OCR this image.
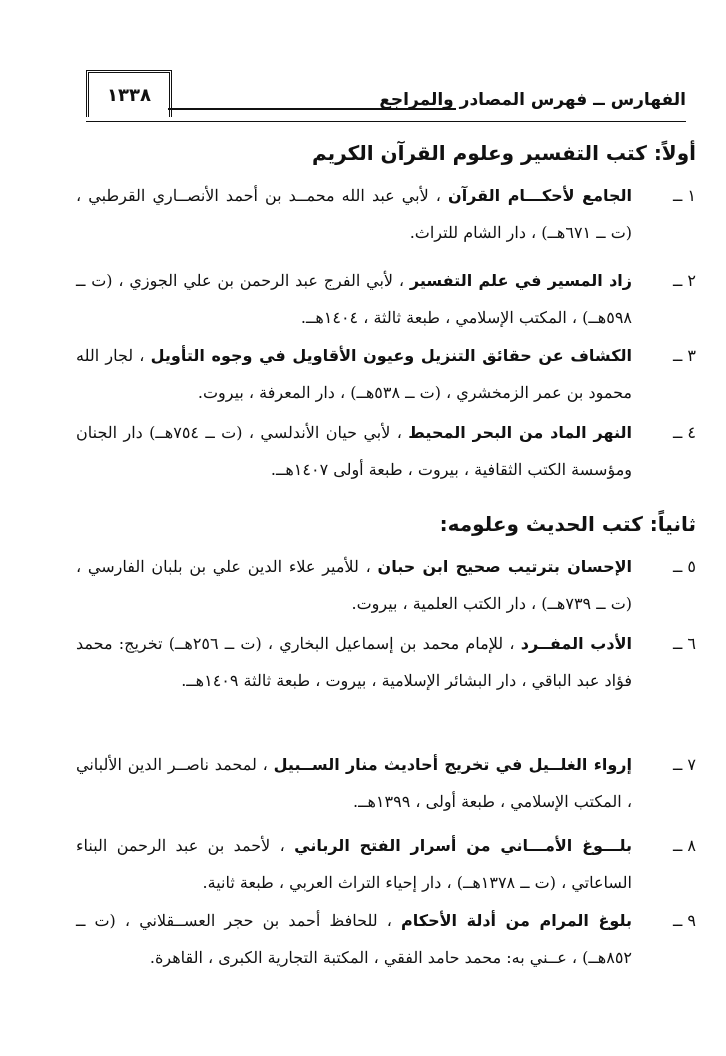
١٣٣٨	الفهارس ــ فهرس المصادر والمراجع
أولاً: كتب التفسير وعلوم القرآن الكريم
١ ــ
الجامع لأحكـــام القرآن ، لأبي عبد الله محمــد بن أحمد الأنصــاري القرطبي ، (ت ــ ٦٧١هــ) ، دار الشام للتراث.
٢ ــ
زاد المسير في علم التفسير ، لأبي الفرج عبد الرحمن بن علي الجوزي ، (ت ــ ٥٩٨هــ) ، المكتب الإسلامي ، طبعة ثالثة ، ١٤٠٤هــ.
٣ ــ
الكشاف عن حقائق التنزيل وعيون الأقاويل في وجوه التأويل ، لجار الله محمود بن عمر الزمخشري ، (ت ــ ٥٣٨هــ) ، دار المعرفة ، بيروت.
٤ ــ
النهر الماد من البحر المحيط ، لأبي حيان الأندلسي ، (ت ــ ٧٥٤هــ) دار الجنان ومؤسسة الكتب الثقافية ، بيروت ، طبعة أولى ١٤٠٧هــ.
ثانياً: كتب الحديث وعلومه:
٥ ــ
الإحسان بترتيب صحيح ابن حبان ، للأمير علاء الدين علي بن بلبان الفارسي ، (ت ــ ٧٣٩هــ) ، دار الكتب العلمية ، بيروت.
٦ ــ
الأدب المفــرد ، للإمام محمد بن إسماعيل البخاري ، (ت ــ ٢٥٦هــ) تخريج: محمد فؤاد عبد الباقي ، دار البشائر الإسلامية ، بيروت ، طبعة ثالثة ١٤٠٩هــ.
٧ ــ
إرواء الغلــيل في تخريج أحاديث منار الســبيل ، لمحمد ناصــر الدين الألباني ، المكتب الإسلامي ، طبعة أولى ، ١٣٩٩هــ.
٨ ــ
بلـــوغ الأمـــاني من أسرار الفتح الرباني ، لأحمد بن عبد الرحمن البناء الساعاتي ، (ت ــ ١٣٧٨هــ) ، دار إحياء التراث العربي ، طبعة ثانية.
٩ ــ
بلوغ المرام من أدلة الأحكام ، للحافظ أحمد بن حجر العســقلاني ، (ت ــ ٨٥٢هــ) ، عــني به: محمد حامد الفقي ، المكتبة التجارية الكبرى ، القاهرة.
